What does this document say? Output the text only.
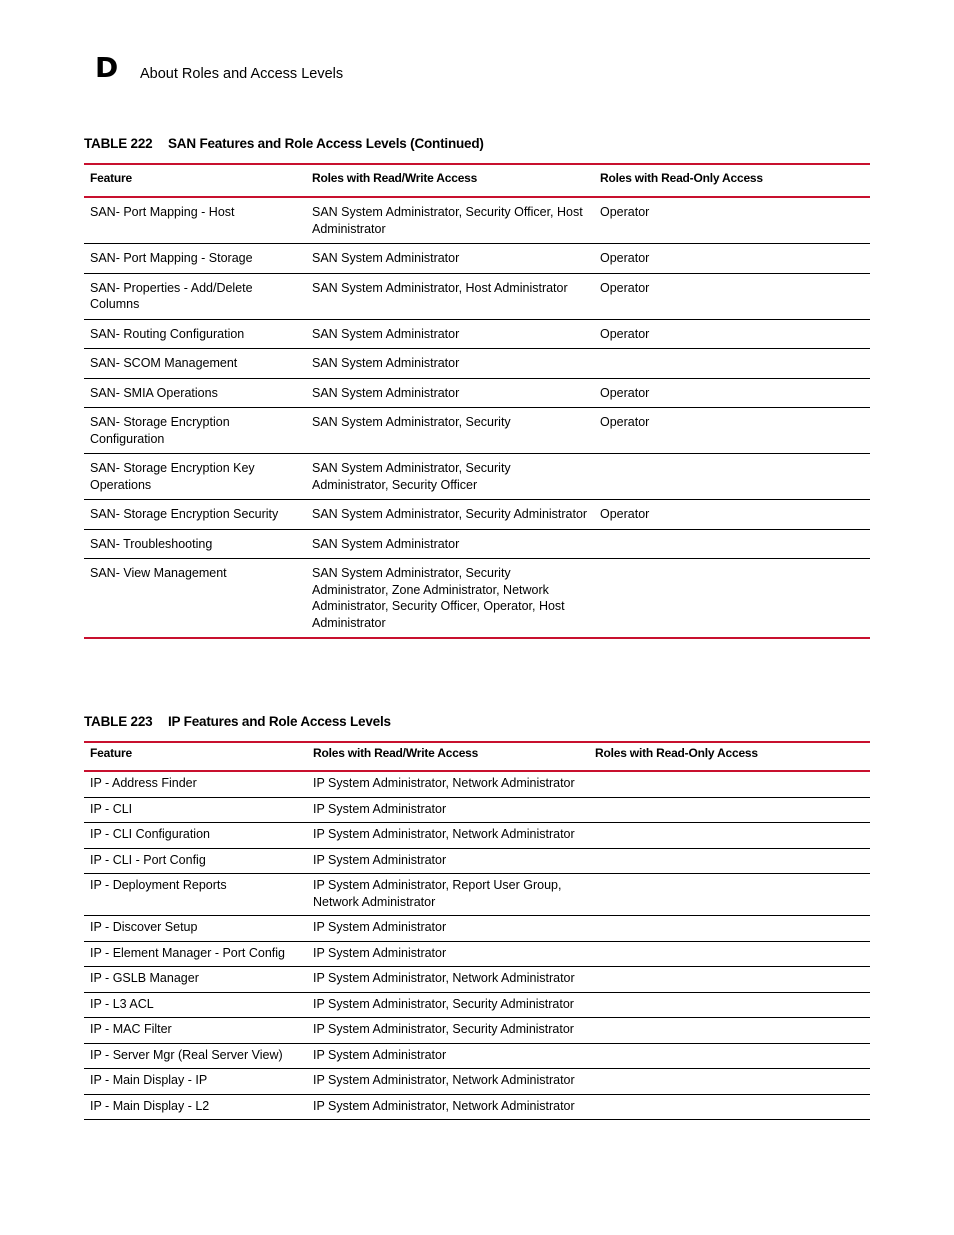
D About Roles and Access Levels
TABLE 222 SAN Features and Role Access Levels (Continued)
Feature	Roles with Read/Write Access	Roles with Read-Only Access
SAN- Port Mapping - Host	SAN System Administrator, Security Officer, Host Administrator	Operator
SAN- Port Mapping - Storage	SAN System Administrator	Operator
SAN- Properties - Add/Delete Columns	SAN System Administrator, Host Administrator	Operator
SAN- Routing Configuration	SAN System Administrator	Operator
SAN- SCOM Management	SAN System Administrator	
SAN- SMIA Operations	SAN System Administrator	Operator
SAN- Storage Encryption Configuration	SAN System Administrator, Security	Operator
SAN- Storage Encryption Key Operations	SAN System Administrator, Security Administrator, Security Officer	
SAN- Storage Encryption Security	SAN System Administrator, Security Administrator	Operator
SAN- Troubleshooting	SAN System Administrator	
SAN- View Management	SAN System Administrator, Security Administrator, Zone Administrator, Network Administrator, Security Officer, Operator, Host Administrator	
TABLE 223 IP Features and Role Access Levels
Feature	Roles with Read/Write Access	Roles with Read-Only Access
IP - Address Finder	IP System Administrator, Network Administrator	
IP - CLI	IP System Administrator	
IP - CLI Configuration	IP System Administrator, Network Administrator	
IP - CLI - Port Config	IP System Administrator	
IP - Deployment Reports	IP System Administrator, Report User Group, Network Administrator	
IP - Discover Setup	IP System Administrator	
IP - Element Manager - Port Config	IP System Administrator	
IP - GSLB Manager	IP System Administrator, Network Administrator	
IP - L3 ACL	IP System Administrator, Security Administrator	
IP - MAC Filter	IP System Administrator, Security Administrator	
IP - Server Mgr (Real Server View)	IP System Administrator	
IP - Main Display - IP	IP System Administrator, Network Administrator	
IP - Main Display - L2	IP System Administrator, Network Administrator	
